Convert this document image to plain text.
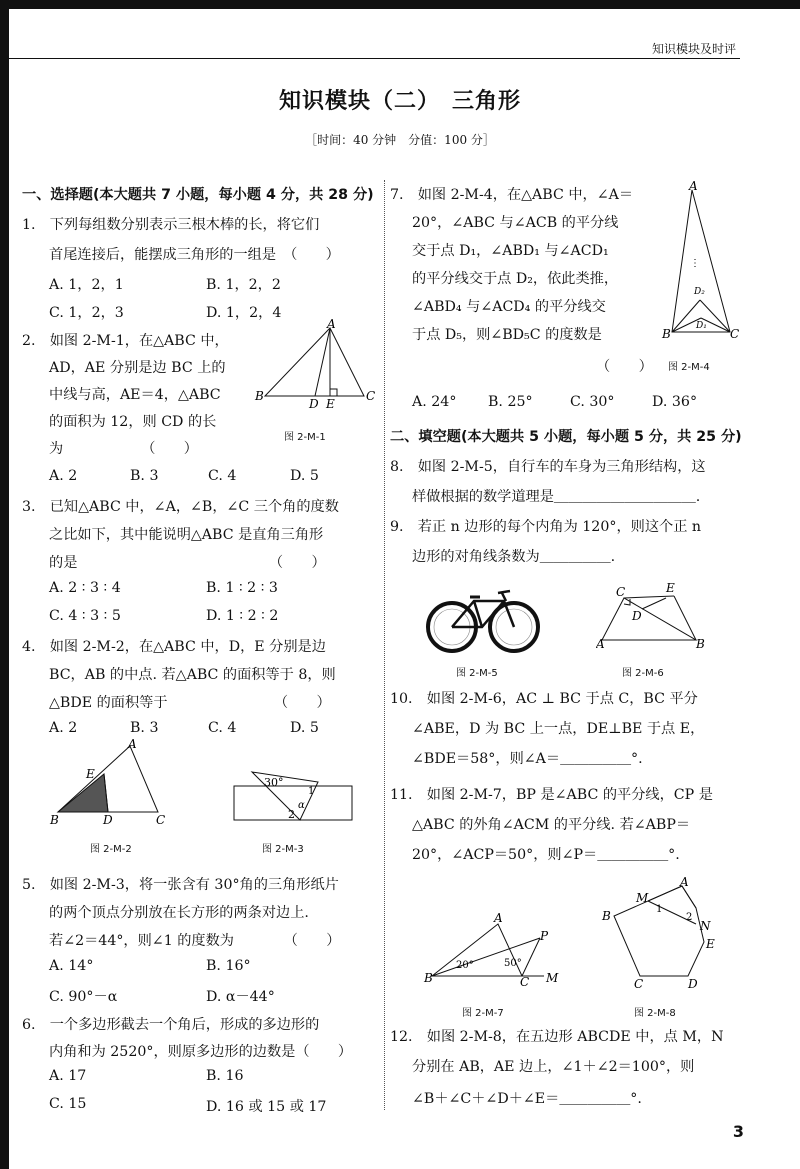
知识模块及时评
知识模块（二）　三角形
［时间：40 分钟　分值：100 分］
一、选择题(本大题共 7 小题，每小题 4 分，共 28 分)
1.　下列每组数分别表示三根木棒的长，将它们
首尾连接后，能摆成三角形的一组是　（　　）
A. 1，2，1	B. 1，2，2
C. 1，2，3	D. 1，2，4
2.　如图 2-M-1，在△ABC 中，
AD，AE 分别是边 BC 上的
中线与高，AE＝4，△ABC
的面积为 12，则 CD 的长
为　　　　　　（　　）
A. 2	B. 3	C. 4	D. 5
3.　已知△ABC 中，∠A，∠B，∠C 三个角的度数
之比如下，其中能说明△ABC 是直角三角形
的是　　　　　　　　　　　　　　（　　）
A. 2 ∶ 3 ∶ 4	B. 1 ∶ 2 ∶ 3
C. 4 ∶ 3 ∶ 5	D. 1 ∶ 2 ∶ 2
4.　如图 2-M-2，在△ABC 中，D，E 分别是边
BC，AB 的中点. 若△ABC 的面积等于 8，则
△BDE 的面积等于　　　　　　　　（　　）
A. 2	B. 3	C. 4	D. 5
5.　如图 2-M-3，将一张含有 30°角的三角形纸片
的两个顶点分别放在长方形的两条对边上.
若∠2＝44°，则∠1 的度数为　　　　（　　）
A. 14°	B. 16°
C. 90°－α	D. α－44°
6.　一个多边形截去一个角后，形成的多边形的
内角和为 2520°，则原多边形的边数是（　　）
A. 17	B. 16
C. 15	D. 16 或 15 或 17
7.　如图 2-M-4，在△ABC 中，∠A＝
20°，∠ABC 与∠ACB 的平分线
交于点 D₁，∠ABD₁ 与∠ACD₁
的平分线交于点 D₂，依此类推，
∠ABD₄ 与∠ACD₄ 的平分线交
于点 D₅，则∠BD₅C 的度数是
（　　）
A. 24° B. 25°	C. 30°	D. 36°
二、填空题(本大题共 5 小题，每小题 5 分，共 25 分)
8.　如图 2-M-5，自行车的车身为三角形结构，这
样做根据的数学道理是＿＿＿＿＿＿＿＿＿＿.
9.　若正 n 边形的每个内角为 120°，则这个正 n
边形的对角线条数为＿＿＿＿＿.
10.　如图 2-M-6，AC ⊥ BC 于点 C，BC 平分
∠ABE，D 为 BC 上一点，DE⊥BE 于点 E，
∠BDE＝58°，则∠A＝＿＿＿＿＿°.
11.　如图 2-M-7，BP 是∠ABC 的平分线，CP 是
△ABC 的外角∠ACM 的平分线. 若∠ABP＝
20°，∠ACP＝50°，则∠P＝＿＿＿＿＿°.
12.　如图 2-M-8，在五边形 ABCDE 中，点 M，N
分别在 AB，AE 边上，∠1＋∠2＝100°，则
∠B＋∠C＋∠D＋∠E＝＿＿＿＿＿°.
A
B	C
D E
图 2-M-1
A
E
B	D	C
图 2-M-2
30°
1
2
α
图 2-M-3
⋮
A
B	C
D₂
D₁
图 2-M-4
图 2-M-5
C	E
D
A	B
图 2-M-6
A
B	C M
P
20°	50°
图 2-M-7
A
M
N
B
C	D
E
1
2
图 2-M-8
3
